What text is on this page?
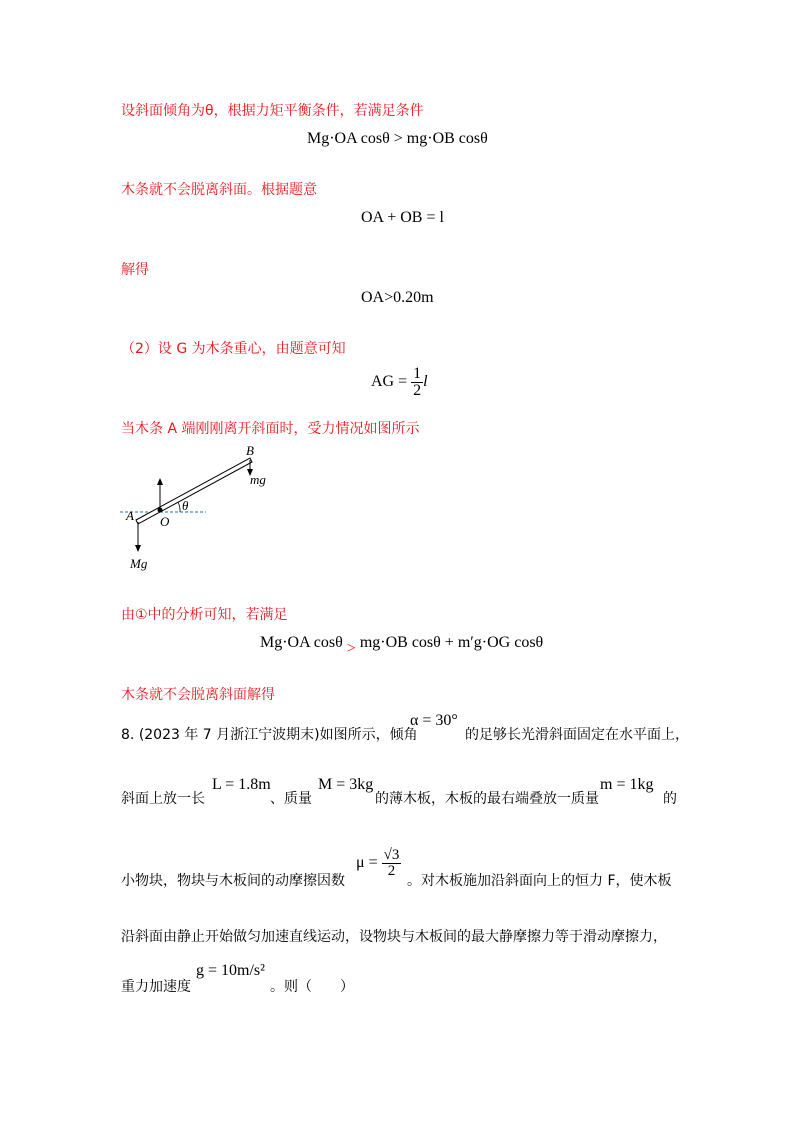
设斜面倾角为θ，根据力矩平衡条件，若满足条件
Mg·OA cosθ > mg·OB cosθ
木条就不会脱离斜面。根据题意
OA + OB = l
解得
OA>0.20m
（2）设 G 为木条重心，由题意可知
AG = $\frac{1}{2}$ l
当木条 A 端刚刚离开斜面时，受力情况如图所示
B
mg
θ
A O
Mg
由①中的分析可知，若满足
Mg·OA cosθ > mg·OB cosθ + m′g·OG cosθ
木条就不会脱离斜面解得
8. (2023 年 7 月浙江宁波期末)如图所示，倾角
α = 30°
的足够长光滑斜面固定在水平面上，
斜面上放一长
L = 1.8m
、质量
M = 3kg
的薄木板，木板的最右端叠放一质量
m = 1kg
的
小物块，物块与木板间的动摩擦因数
$\mu = \frac{√3}{2}$
。对木板施加沿斜面向上的恒力 F，使木板
沿斜面由静止开始做匀加速直线运动，设物块与木板间的最大静摩擦力等于滑动摩擦力，
重力加速度
g = 10m/s²
。则（　　）
